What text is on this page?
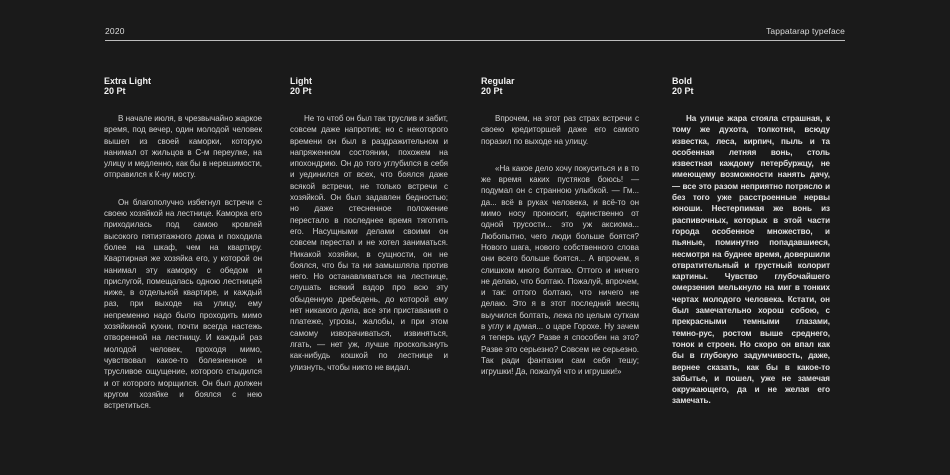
2020	Tappatarap typeface
Extra Light
20 Pt

В начале июля, в чрезвычайно жаркое время, под вечер, один молодой человек вышел из своей каморки, которую нанимал от жильцов в С-м переулке, на улицу и медленно, как бы в нерешимости, отправился к К-ну мосту.

Он благополучно избегнул встречи с своею хозяйкой на лестнице. Каморка его приходилась под самою кровлей высокого пятиэтажного дома и походила более на шкаф, чем на квартиру. Квартирная же хозяйка его, у которой он нанимал эту каморку с обедом и прислугой, помещалась одною лестницей ниже, в отдельной квартире, и каждый раз, при выходе на улицу, ему непременно надо было проходить мимо хозяйкиной кухни, почти всегда настежь отворенной на лестницу. И каждый раз молодой человек, проходя мимо, чувствовал какое-то болезненное и трусливое ощущение, которого стыдился и от которого морщился. Он был должен кругом хозяйке и боялся с нею встретиться.

Light
20 Pt

Не то чтоб он был так труслив и забит, совсем даже напротив; но с некоторого времени он был в раздражительном и напряженном состоянии, похожем на ипохондрию. Он до того углубился в себя и уединился от всех, что боялся даже всякой встречи, не только встречи с хозяйкой. Он был задавлен бедностью; но даже стесненное положение перестало в последнее время тяготить его. Насущными делами своими он совсем перестал и не хотел заниматься. Никакой хозяйки, в сущности, он не боялся, что бы та ни замышляла против него. Но останавливаться на лестнице, слушать всякий вздор про всю эту обыденную дребедень, до которой ему нет никакого дела, все эти приставания о платеже, угрозы, жалобы, и при этом самому изворачиваться, извиняться, лгать, — нет уж, лучше проскользнуть как-нибудь кошкой по лестнице и улизнуть, чтобы никто не видал.

Regular
20 Pt

Впрочем, на этот раз страх встречи с своею кредиторшей даже его самого поразил по выходе на улицу.

«На какое дело хочу покуситься и в то же время каких пустяков боюсь! — подумал он с странною улыбкой. — Гм... да... всё в руках человека, и всё-то он мимо носу проносит, единственно от одной трусости... это уж аксиома... Любопытно, чего люди больше боятся? Нового шага, нового собственного слова они всего больше боятся... А впрочем, я слишком много болтаю. Оттого и ничего не делаю, что болтаю. Пожалуй, впрочем, и так: оттого болтаю, что ничего не делаю. Это я в этот последний месяц выучился болтать, лежа по целым суткам в углу и думая... о царе Горохе. Ну зачем я теперь иду? Разве я способен на это? Разве это серьезно? Совсем не серьезно. Так ради фантазии сам себя тешу; игрушки! Да, пожалуй что и игрушки!»

Bold
20 Pt

На улице жара стояла страшная, к тому же духота, толкотня, всюду известка, леса, кирпич, пыль и та особенная летняя вонь, столь известная каждому петербуржцу, не имеющему возможности нанять дачу, — все это разом неприятно потрясло и без того уже расстроенные нервы юноши. Нестерпимая же вонь из распивочных, которых в этой части города особенное множество, и пьяные, поминутно попадавшиеся, несмотря на буднее время, довершили отвратительный и грустный колорит картины. Чувство глубочайшего омерзения мелькнуло на миг в тонких чертах молодого человека. Кстати, он был замечательно хорош собою, с прекрасными темными глазами, темно-рус, ростом выше среднего, тонок и строен. Но скоро он впал как бы в глубокую задумчивость, даже, вернее сказать, как бы в какое-то забытье, и пошел, уже не замечая окружающего, да и не желая его замечать.
